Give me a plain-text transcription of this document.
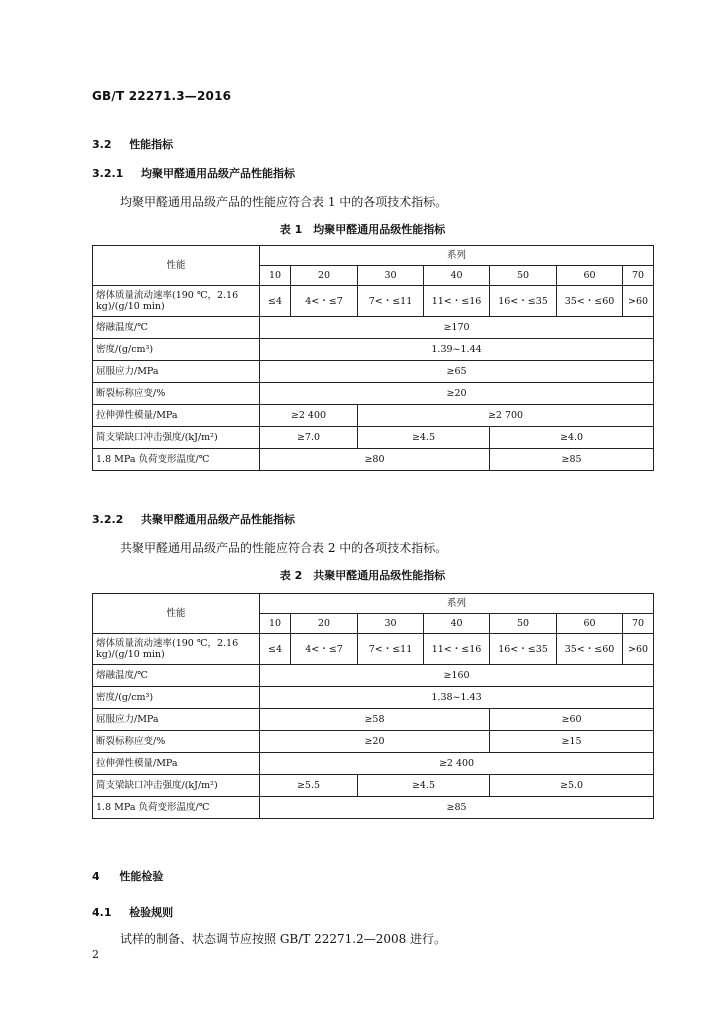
GB/T 22271.3—2016
3.2 性能指标
3.2.1 均聚甲醛通用品级产品性能指标
均聚甲醛通用品级产品的性能应符合表 1 中的各项技术指标。
表 1　均聚甲醛通用品级性能指标
性能	系列						
	10	20	30	40	50	60	70
熔体质量流动速率(190 ℃，2.16 kg)/(g/10 min)	≤4	4<・≤7	7<・≤11	11<・≤16	16<・≤35	35<・≤60	>60
熔融温度/℃	≥170						
密度/(g/cm³)	1.39~1.44						
屈服应力/MPa	≥65						
断裂标称应变/%	≥20						
拉伸弹性模量/MPa	≥2 400		≥2 700				
简支梁缺口冲击强度/(kJ/m²)	≥7.0		≥4.5		≥4.0		
1.8 MPa 负荷变形温度/℃	≥80				≥85		
3.2.2 共聚甲醛通用品级产品性能指标
共聚甲醛通用品级产品的性能应符合表 2 中的各项技术指标。
表 2　共聚甲醛通用品级性能指标
性能	系列						
	10	20	30	40	50	60	70
熔体质量流动速率(190 ℃，2.16 kg)/(g/10 min)	≤4	4<・≤7	7<・≤11	11<・≤16	16<・≤35	35<・≤60	>60
熔融温度/℃	≥160						
密度/(g/cm³)	1.38~1.43						
屈服应力/MPa	≥58				≥60		
断裂标称应变/%	≥20				≥15		
拉伸弹性模量/MPa	≥2 400						
简支梁缺口冲击强度/(kJ/m²)	≥5.5		≥4.5		≥5.0		
1.8 MPa 负荷变形温度/℃	≥85						
4 性能检验
4.1 检验规则
试样的制备、状态调节应按照 GB/T 22271.2—2008 进行。
2
